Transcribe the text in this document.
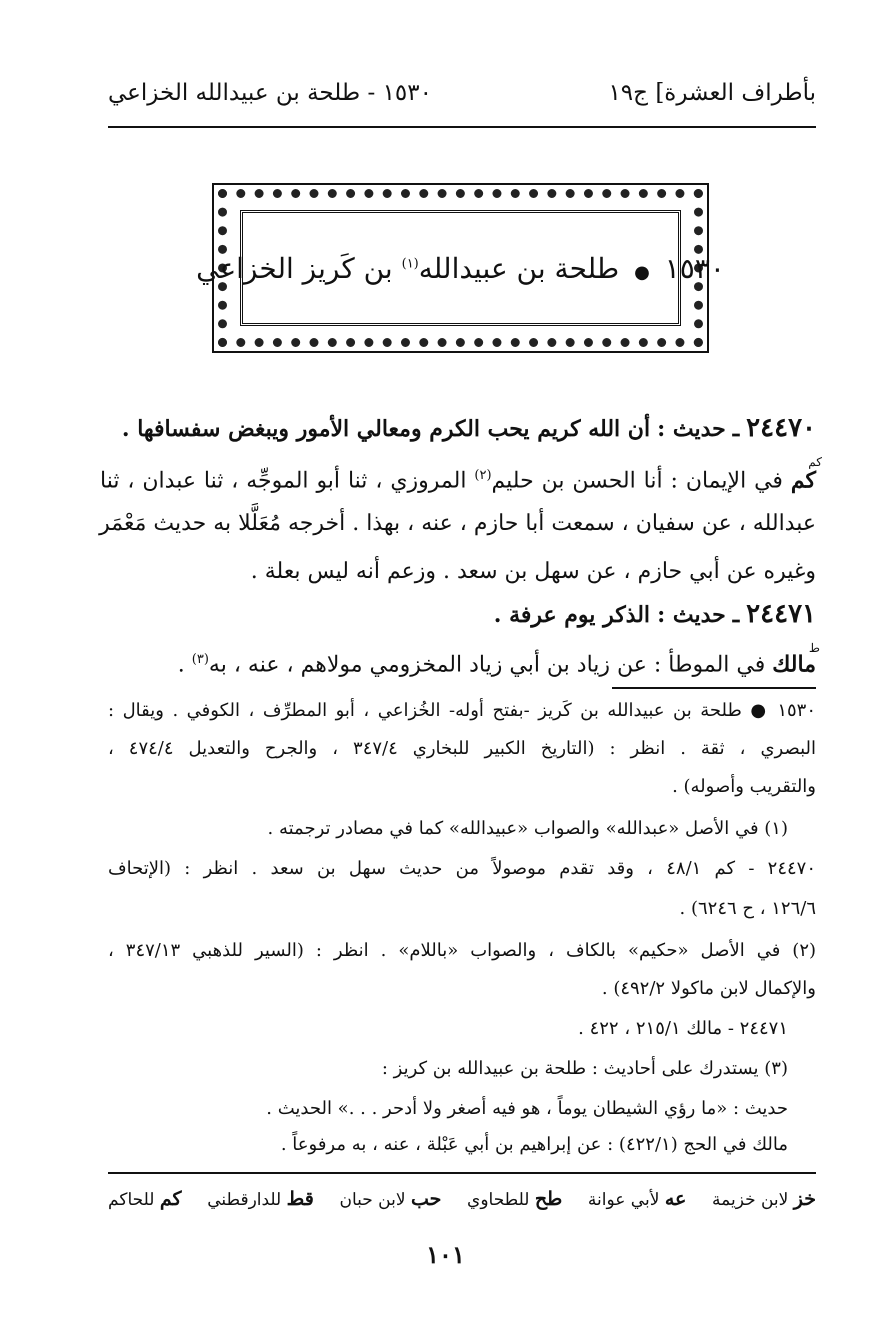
بأطراف العشرة] ج١٩
١٥٣٠ - طلحة بن عبيدالله الخزاعي
١٥٣٠ ● طلحة بن عبيدالله$^{(١)}$ بن كَريز الخزاعي
٢٤٤٧٠ ـ حديث : أن الله كريم يحب الكرم ومعالي الأمور ويبغض سفسافها .
كم
كم في الإيمان : أنا الحسن بن حليم$^{(٢)}$ المروزي ، ثنا أبو الموجِّه ، ثنا عبدان ، ثنا
عبدالله ، عن سفيان ، سمعت أبا حازم ، عنه ، بهذا . أخرجه مُعَلَّلا به حديث مَعْمَر
وغيره عن أبي حازم ، عن سهل بن سعد . وزعم أنه ليس بعلة .
٢٤٤٧١ ـ حديث : الذكر يوم عرفة .
ط
مالك في الموطأ : عن زياد بن أبي زياد المخزومي مولاهم ، عنه ، به$^{(٣)}$ .
١٥٣٠ ● طلحة بن عبيدالله بن كَريز -بفتح أوله- الخُزاعي ، أبو المطرِّف ، الكوفي . ويقال :
البصري ، ثقة . انظر : (التاريخ الكبير للبخاري ٣٤٧/٤ ، والجرح والتعديل ٤٧٤/٤ ،
والتقريب وأصوله) .
(١) في الأصل «عبدالله» والصواب «عبيدالله» كما في مصادر ترجمته .
٢٤٤٧٠ - كم ٤٨/١ ، وقد تقدم موصولاً من حديث سهل بن سعد . انظر : (الإتحاف
١٢٦/٦ ، ح ٦٢٤٦) .
(٢) في الأصل «حكيم» بالكاف ، والصواب «باللام» . انظر : (السير للذهبي ٣٤٧/١٣ ،
والإكمال لابن ماكولا ٤٩٢/٢) .
٢٤٤٧١ - مالك ٢١٥/١ ، ٤٢٢ .
(٣) يستدرك على أحاديث : طلحة بن عبيدالله بن كريز :
حديث : «ما رؤي الشيطان يوماً ، هو فيه أصغر ولا أدحر . . .» الحديث .
مالك في الحج (٤٢٢/١) : عن إبراهيم بن أبي عَبْلة ، عنه ، به مرفوعاً .
خز لابن خزيمة
عه لأبي عوانة
طح للطحاوي
حب لابن حبان
قط للدارقطني
كم للحاكم
١٠١
